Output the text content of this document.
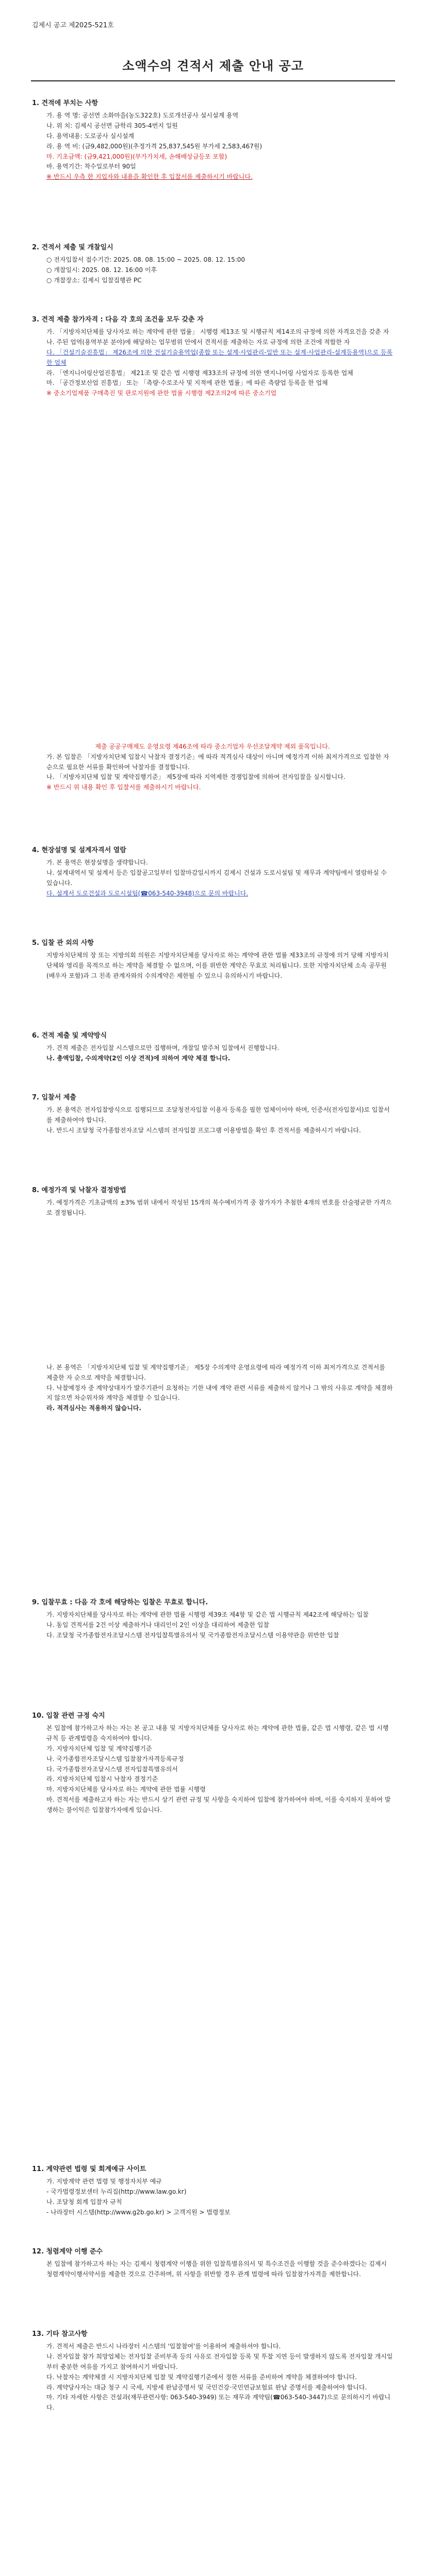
김제시 공고 제2025-521호
소액수의 견적서 제출 안내 공고

1. 견적에 부치는 사항

가. 용 역 명: 공선면 소화마을(농도322호) 도로개선공사 설시설계 용역

나. 위 치: 김제시 공선면 금학리 305-4번지 일원

다. 용역내용: 도로공사 실시설계

라. 용 역 비: (금9,482,000원)(추정가격 25,837,545원 부가세 2,583,467원)

마. 기초금액: (금9,421,000원)(부가가치세, 손해배상금등포 포함)

바. 용역기간: 착수일로부터 90일

※ 반드시 우측 한 지입자와 내용을 확인한 후 입찰서를 제출하시기 바랍니다.

2. 견적서 제출 및 개찰일시

○ 전자입찰서 접수기간: 2025. 08. 08. 15:00 ~ 2025. 08. 12. 15:00

○ 개찰일시: 2025. 08. 12. 16:00 이후

○ 개찰장소: 김제시 입찰집행관 PC

3. 견적 제출 참가자격 : 다음 각 호의 조건을 모두 갖춘 자

가. 「지방자치단체를 당사자로 하는 계약에 관한 법률」 시행령 제13조 및 시행규칙 제14조의 규정에 의한 자격요건을 갖춘 자

나. 주된 업역(용역부분 분야)에 해당하는 업무범위 안에서 견적서를 제출하는 자로 규정에 의한 조건에 적합한 자

다. 「건설기술진흥법」 제26조에 의한 건설기술용역업(종합 또는 설계·사업관리-일반 또는 설계·사업관리-설계등용역)으로 등록한 업체

라. 「엔지니어링산업진흥법」 제21조 및 같은 법 시행령 제33조의 규정에 의한 엔지니어링 사업자로 등록한 업체

마. 「공간정보산업 진흥법」 또는 「측량·수로조사 및 지적에 관한 법률」에 따른 측량업 등록을 한 업체

※ 중소기업제품 구매촉진 및 판로지원에 관한 법률 시행령 제2조의2에 따른 중소기업

제출 공공구매제도 운영요령 제46조에 따라 중소기업자 우선조달계약 제외 품목입니다.

가. 본 입찰은 「지방자치단체 입찰시 낙찰자 결정기준」에 따라 적격심사 대상이 아니며 예정가격 이하 최저가격으로 입찰한 자 순으로 필요한 서류를 확인하여 낙찰자를 결정합니다.

나. 「지방자치단체 입찰 및 계약집행기준」 제5장에 따라 지역제한 경쟁입찰에 의하여 전자입찰을 실시합니다.

※ 반드시 위 내용 확인 후 입찰서를 제출하시기 바랍니다.

4. 현장설명 및 설계자격서 열람

가. 본 용역은 현장설명을 생략합니다.

나. 설계내역서 및 설계서 등은 입찰공고일부터 입찰마감일시까지 김제시 건설과 도로시설팀 및 재무과 계약팀에서 열람하실 수 있습니다.

다. 설계서 도로건설과 도로시설팀(☎063-540-3948)으로 문의 바랍니다.

5. 입찰 관 외의 사항

지방자치단체의 장 또는 지방의회 의원은 지방자치단체를 당사자로 하는 계약에 관한 법률 제33조의 규정에 의거 당해 지방자치단체와 영리를 목적으로 하는 계약을 체결할 수 없으며, 이를 위반한 계약은 무효로 처리됩니다. 또한 지방자치단체 소속 공무원(배우자 포함)과 그 친족 관계자와의 수의계약은 제한될 수 있으니 유의하시기 바랍니다.

6. 견적 제출 및 계약방식

가. 견적 제출은 전자입찰 시스템으로만 집행하며, 개찰일 발주처 입찰에서 진행합니다.

나. 총액입찰, 수의계약(2인 이상 견적)에 의하여 계약 체결 합니다.

7. 입찰서 제출

가. 본 용역은 전자입찰방식으로 집행되므로 조달청전자입찰 이용자 등록을 필한 업체이어야 하며, 인증서(전자입찰서)로 입찰서를 제출하여야 합니다.

나. 반드시 조달청 국가종합전자조달 시스템의 전자입찰 프로그램 이용방법을 확인 후 견적서를 제출하시기 바랍니다.

8. 예정가격 및 낙찰자 결정방법

가. 예정가격은 기초금액의 ±3% 범위 내에서 작성된 15개의 복수예비가격 중 참가자가 추첨한 4개의 번호를 산술평균한 가격으로 결정됩니다.

나. 본 용역은 「지방자치단체 입찰 및 계약집행기준」 제5장 수의계약 운영요령에 따라 예정가격 이하 최저가격으로 견적서를 제출한 자 순으로 계약을 체결합니다.

다. 낙찰예정자 중 계약상대자가 발주기관이 요청하는 기한 내에 계약 관련 서류를 제출하지 않거나 그 밖의 사유로 계약을 체결하지 않으면 차순위자와 계약을 체결할 수 있습니다.

라. 적격심사는 적용하지 않습니다.

9. 입찰무효 : 다음 각 호에 해당하는 입찰은 무효로 합니다.

가. 지방자치단체를 당사자로 하는 계약에 관한 법률 시행령 제39조 제4항 및 같은 법 시행규칙 제42조에 해당하는 입찰

나. 동일 견적서를 2건 이상 제출하거나 대리인이 2인 이상을 대리하여 제출한 입찰

다. 조달청 국가종합전자조달시스템 전자입찰특별유의서 및 국가종합전자조달시스템 이용약관을 위반한 입찰

10. 입찰 관련 규정 숙지

본 입찰에 참가하고자 하는 자는 본 공고 내용 및 지방자치단체를 당사자로 하는 계약에 관한 법률, 같은 법 시행령, 같은 법 시행규칙 등 관계법령을 숙지하여야 합니다.

가. 지방자치단체 입찰 및 계약집행기준

나. 국가종합전자조달시스템 입찰참가자격등록규정

다. 국가종합전자조달시스템 전자입찰특별유의서

라. 지방자치단체 입찰시 낙찰자 결정기준

마. 지방자치단체를 당사자로 하는 계약에 관한 법률 시행령

바. 견적서를 제출하고자 하는 자는 반드시 상기 관련 규정 및 사항을 숙지하여 입찰에 참가하여야 하며, 이를 숙지하지 못하여 발생하는 불이익은 입찰참가자에게 있습니다.

11. 계약관련 법령 및 회계예규 사이트

가. 지방계약 관련 법령 및 행정자치부 예규

- 국가법령정보센터 누리집(http://www.law.go.kr)

나. 조달청 회계 입찰자 규칙

- 나라장터 시스템(http://www.g2b.go.kr) > 고객지원 > 법령정보

12. 청렴계약 이행 준수

본 입찰에 참가하고자 하는 자는 김제시 청렴계약 이행을 위한 입찰특별유의서 및 특수조건을 이행할 것을 준수하겠다는 김제시 청렴계약이행서약서를 제출한 것으로 간주하며, 위 사항을 위반할 경우 관계 법령에 따라 입찰참가자격을 제한합니다.

13. 기타 참고사항

가. 견적서 제출은 반드시 나라장터 시스템의 '입찰참여'를 이용하여 제출하셔야 합니다.

나. 전자입찰 참가 희망업체는 전자입찰 준비부족 등의 사유로 전자입찰 등록 및 투찰 지연 등이 발생하지 않도록 전자입찰 개시일부터 충분한 여유를 가지고 참여하시기 바랍니다.

다. 낙찰자는 계약체결 시 지방자치단체 입찰 및 계약집행기준에서 정한 서류를 준비하여 계약을 체결하여야 합니다.

라. 계약당사자는 대금 청구 시 국세, 지방세 완납증명서 및 국민건강·국민연금보험료 완납 증명서를 제출하여야 합니다.

마. 기타 자세한 사항은 건설과(재무관련사항: 063-540-3949) 또는 재무과 계약팀(☎063-540-3447)으로 문의하시기 바랍니다.
